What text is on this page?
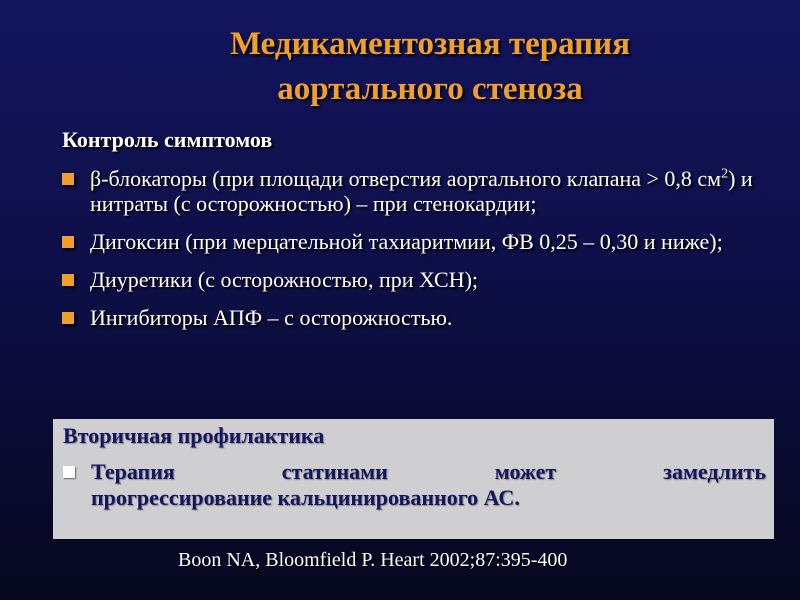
Медикаментозная терапия
аортального стеноза
Контроль симптомов
β-блокаторы (при площади отверстия аортального клапана > 0,8 $см^2$) и нитраты (с осторожностью) – при стенокардии;
Дигоксин (при мерцательной тахиаритмии, ФВ 0,25 – 0,30 и ниже);
Диуретики (с осторожностью, при ХСН);
Ингибиторы АПФ – с осторожностью.
Вторичная профилактика
Терапия статинами может замедлить
прогрессирование кальцинированного АС.
Boon NA, Bloomfield P. Heart 2002;87:395-400
